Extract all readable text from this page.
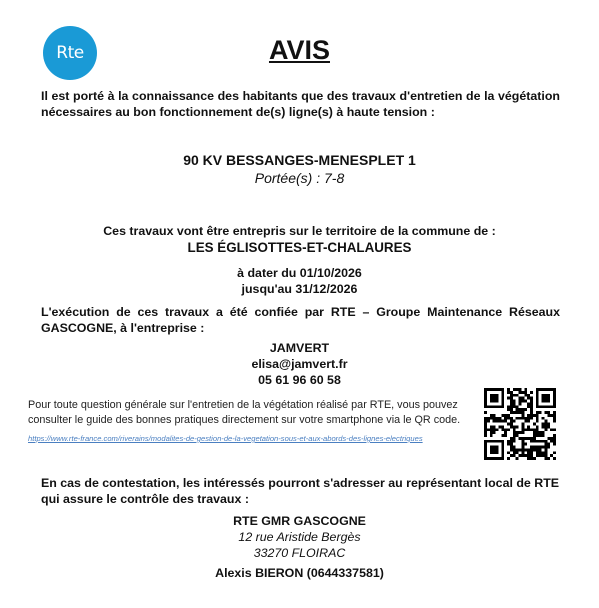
Rte	AVIS
Il est porté à la connaissance des habitants que des travaux d'entretien de la végétation nécessaires au bon fonctionnement de(s) ligne(s) à haute tension :
90 KV BESSANGES-MENESPLET 1
Portée(s) : 7-8
Ces travaux vont être entrepris sur le territoire de la commune de :
LES ÉGLISOTTES-ET-CHALAURES
à dater du 01/10/2026
jusqu'au 31/12/2026
L'exécution de ces travaux a été confiée par RTE – Groupe Maintenance Réseaux GASCOGNE, à l'entreprise :
JAMVERT
elisa@jamvert.fr
05 61 96 60 58
Pour toute question générale sur l'entretien de la végétation réalisé par RTE, vous pouvez consulter le guide des bonnes pratiques directement sur votre smartphone via le QR code.
https://www.rte-france.com/riverains/modalites-de-gestion-de-la-vegetation-sous-et-aux-abords-des-lignes-electriques
En cas de contestation, les intéressés pourront s'adresser au représentant local de RTE qui assure le contrôle des travaux :
RTE GMR GASCOGNE
12 rue Aristide Bergès
33270 FLOIRAC
Alexis BIERON (0644337581)
